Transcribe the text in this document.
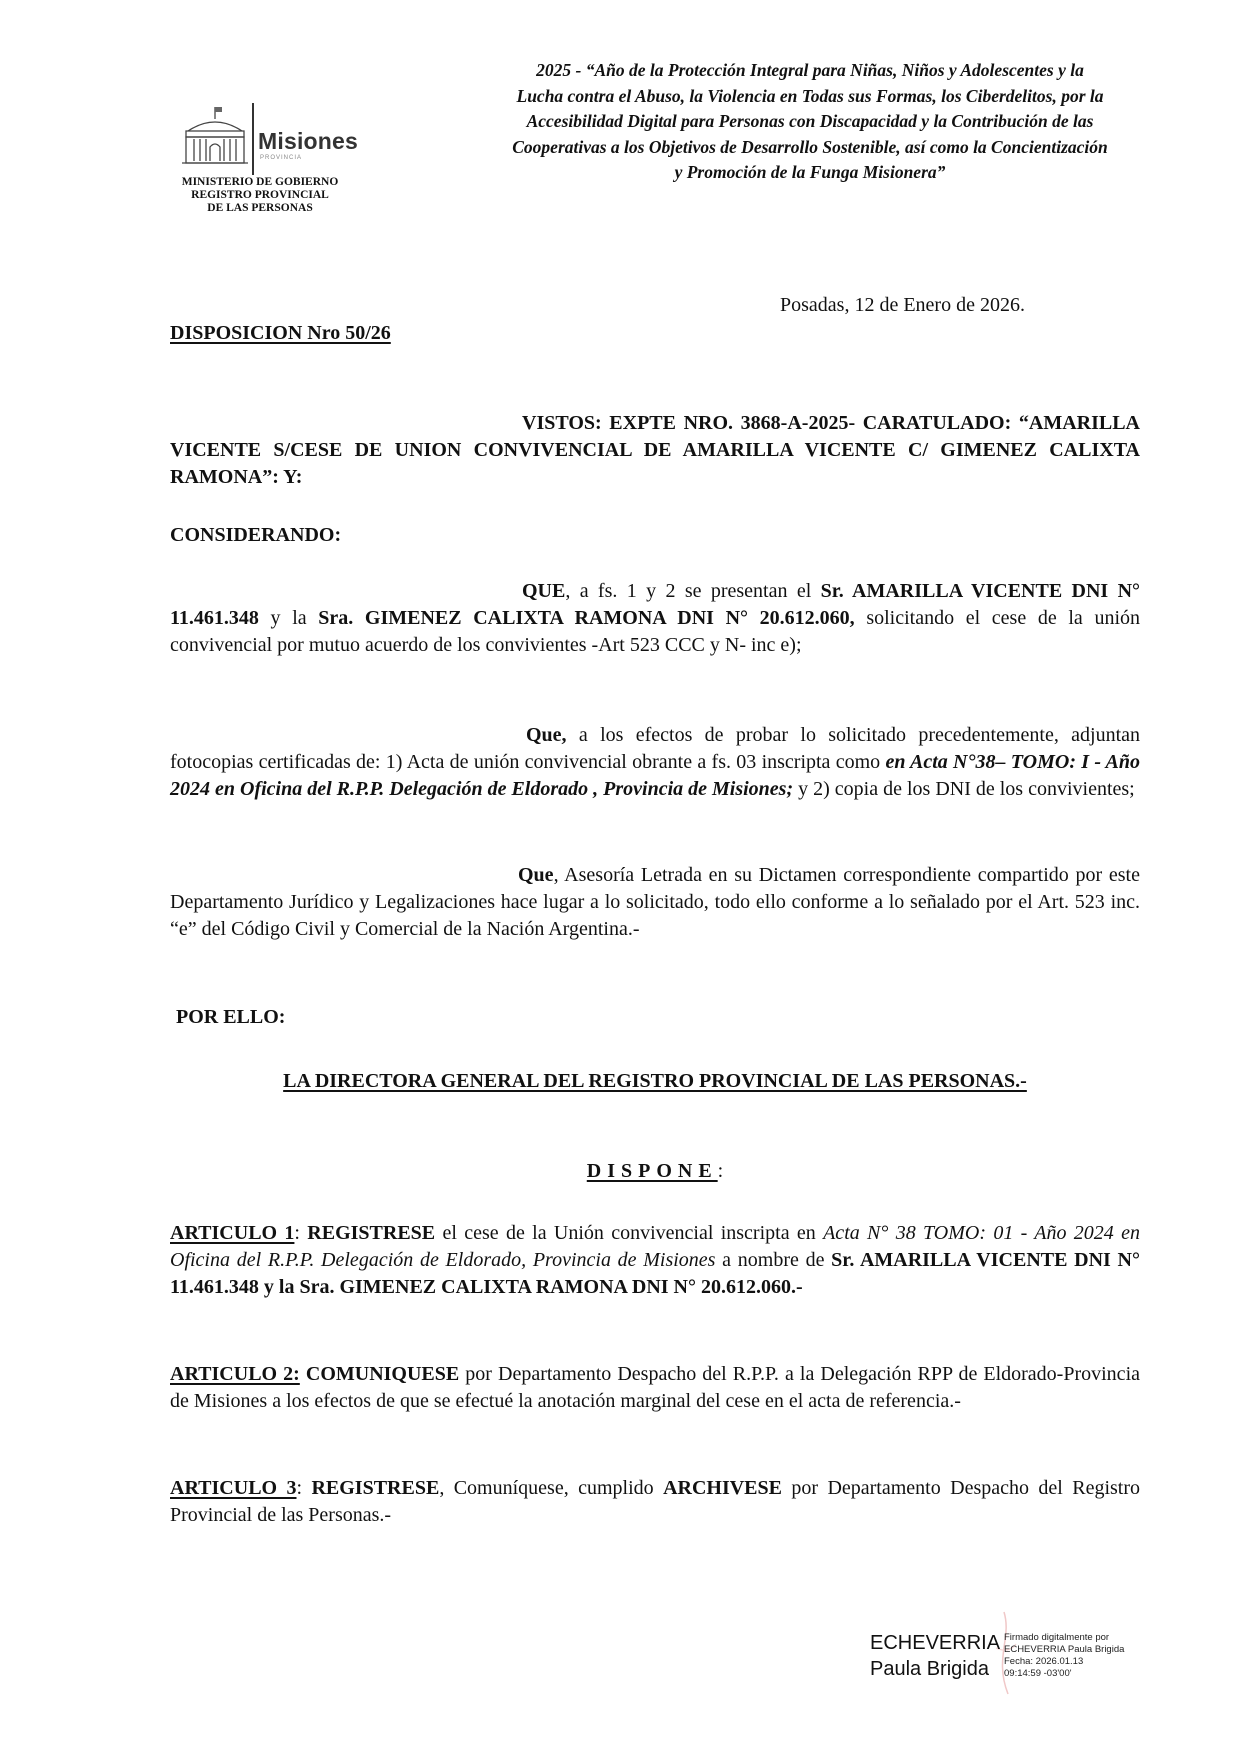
Misiones
PROVINCIA
MINISTERIO DE GOBIERNO
REGISTRO PROVINCIAL
DE LAS PERSONAS
2025 - “Año de la Protección Integral para Niñas, Niños y Adolescentes y la
Lucha contra el Abuso, la Violencia en Todas sus Formas, los Ciberdelitos, por la
Accesibilidad Digital para Personas con Discapacidad y la Contribución de las
Cooperativas a los Objetivos de Desarrollo Sostenible, así como la Concientización
y Promoción de la Funga Misionera”
Posadas, 12 de Enero de 2026.
DISPOSICION Nro 50/26
VISTOS: EXPTE NRO. 3868-A-2025- CARATULADO: “AMARILLA VICENTE S/CESE DE UNION CONVIVENCIAL DE AMARILLA VICENTE C/ GIMENEZ CALIXTA RAMONA”: Y:
CONSIDERANDO:
QUE, a fs. 1 y 2 se presentan el Sr. AMARILLA VICENTE DNI N° 11.461.348 y la Sra. GIMENEZ CALIXTA RAMONA DNI N° 20.612.060, solicitando el cese de la unión convivencial por mutuo acuerdo de los convivientes -Art 523 CCC y N- inc e);
Que, a los efectos de probar lo solicitado precedentemente, adjuntan fotocopias certificadas de: 1) Acta de unión convivencial obrante a fs. 03 inscripta como en Acta N°38– TOMO: I - Año 2024 en Oficina del R.P.P. Delegación de Eldorado , Provincia de Misiones; y 2) copia de los DNI de los convivientes;
Que, Asesoría Letrada en su Dictamen correspondiente compartido por este Departamento Jurídico y Legalizaciones hace lugar a lo solicitado, todo ello conforme a lo señalado por el Art. 523 inc. “e” del Código Civil y Comercial de la Nación Argentina.-
POR ELLO:
LA DIRECTORA GENERAL DEL REGISTRO PROVINCIAL DE LAS PERSONAS.-
DISPONE:
ARTICULO 1: REGISTRESE el cese de la Unión convivencial inscripta en Acta N° 38 TOMO: 01 - Año 2024 en Oficina del R.P.P. Delegación de Eldorado, Provincia de Misiones a nombre de Sr. AMARILLA VICENTE DNI N° 11.461.348 y la Sra. GIMENEZ CALIXTA RAMONA DNI N° 20.612.060.-
ARTICULO 2: COMUNIQUESE por Departamento Despacho del R.P.P. a la Delegación RPP de Eldorado-Provincia de Misiones a los efectos de que se efectué la anotación marginal del cese en el acta de referencia.-
ARTICULO 3: REGISTRESE, Comuníquese, cumplido ARCHIVESE por Departamento Despacho del Registro Provincial de las Personas.-
ECHEVERRIA
Paula Brigida
Firmado digitalmente por
ECHEVERRIA Paula Brigida
Fecha: 2026.01.13
09:14:59 -03'00'
